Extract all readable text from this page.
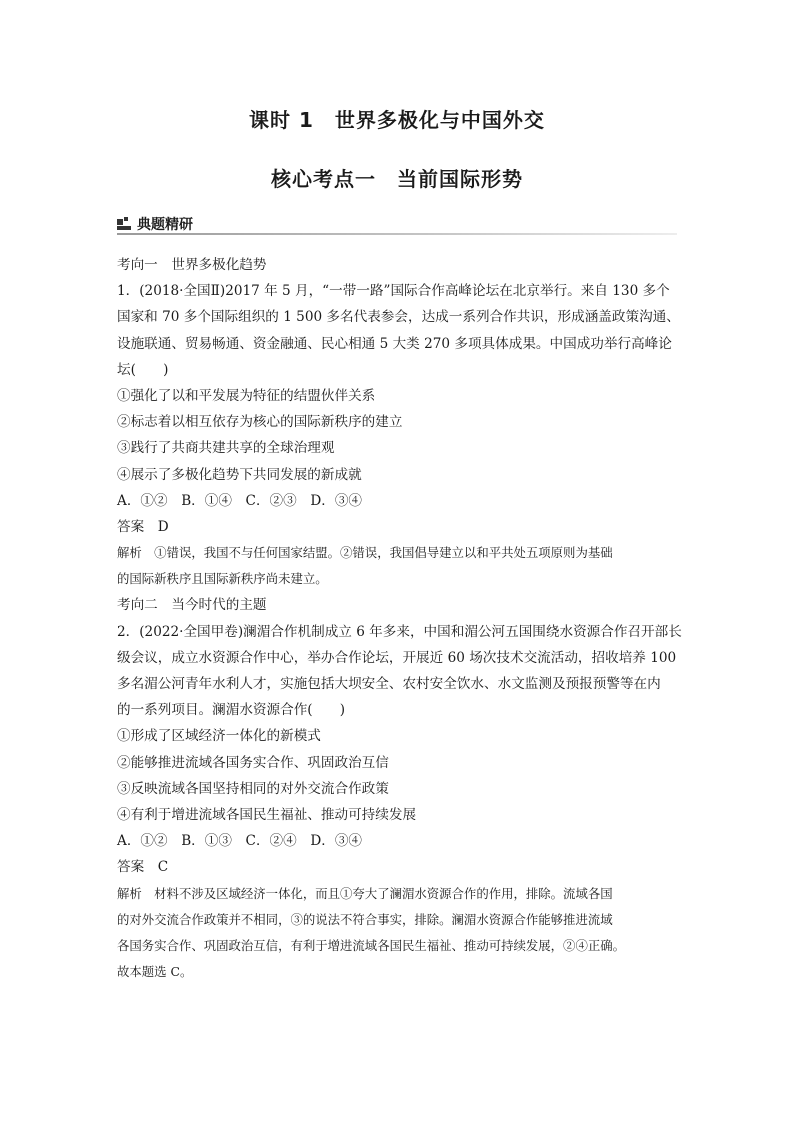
课时 1　世界多极化与中国外交
核心考点一　当前国际形势
典题精研
考向一　世界多极化趋势
1．(2018·全国Ⅱ)2017 年 5 月，“一带一路”国际合作高峰论坛在北京举行。来自 130 多个
国家和 70 多个国际组织的 1 500 多名代表参会，达成一系列合作共识，形成涵盖政策沟通、
设施联通、贸易畅通、资金融通、民心相通 5 大类 270 多项具体成果。中国成功举行高峰论
坛(　　)
①强化了以和平发展为特征的结盟伙伴关系
②标志着以相互依存为核心的国际新秩序的建立
③践行了共商共建共享的全球治理观
④展示了多极化趋势下共同发展的新成就
A．①②　B．①④　C．②③　D．③④
答案　D
解析　①错误，我国不与任何国家结盟。②错误，我国倡导建立以和平共处五项原则为基础
的国际新秩序且国际新秩序尚未建立。
考向二　当今时代的主题
2．(2022·全国甲卷)澜湄合作机制成立 6 年多来，中国和湄公河五国围绕水资源合作召开部长
级会议，成立水资源合作中心，举办合作论坛，开展近 60 场次技术交流活动，招收培养 100
多名湄公河青年水利人才，实施包括大坝安全、农村安全饮水、水文监测及预报预警等在内
的一系列项目。澜湄水资源合作(　　)
①形成了区域经济一体化的新模式
②能够推进流域各国务实合作、巩固政治互信
③反映流域各国坚持相同的对外交流合作政策
④有利于增进流域各国民生福祉、推动可持续发展
A．①②　B．①③　C．②④　D．③④
答案　C
解析　材料不涉及区域经济一体化，而且①夸大了澜湄水资源合作的作用，排除。流域各国
的对外交流合作政策并不相同，③的说法不符合事实，排除。澜湄水资源合作能够推进流域
各国务实合作、巩固政治互信，有利于增进流域各国民生福祉、推动可持续发展，②④正确。
故本题选 C。
